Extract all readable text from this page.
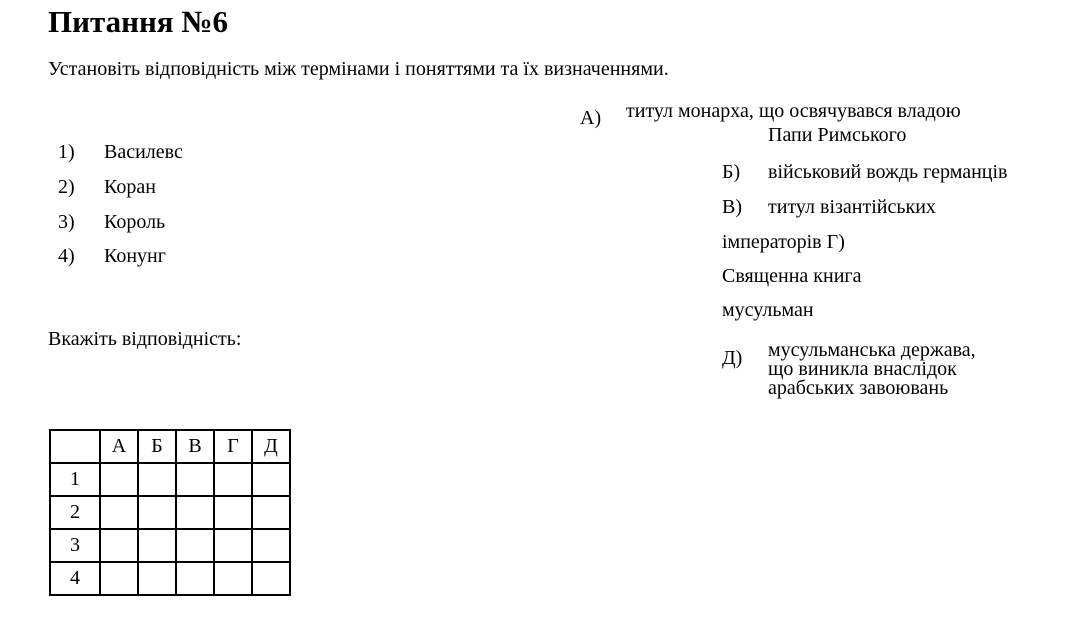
Питання №6
Установіть відповідність між термінами і поняттями та їх визначеннями.
1) Василевс
2) Коран
3) Король
4) Конунг
Вкажіть відповідність:
А) титул монарха, що освячувався владою
Папи Римського
Б) військовий вождь германців
В) титул візантійських
імператорів Г)
Священна книга
мусульман
Д) мусульманська держава,
що виникла внаслідок
арабських завоювань
	А	Б	В	Г	Д
1					
2					
3					
4					
